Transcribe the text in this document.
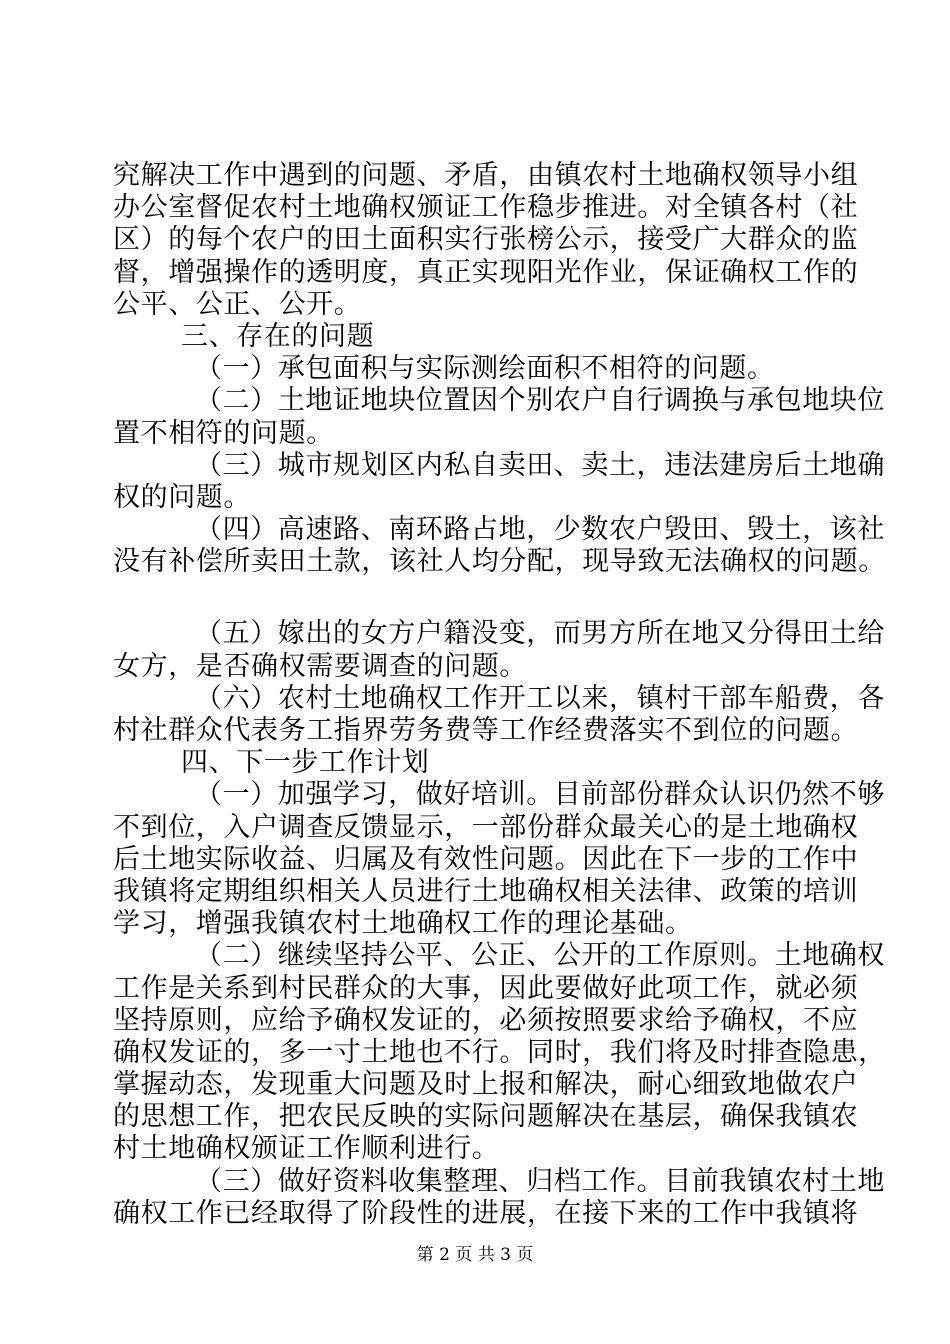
究解决工作中遇到的问题、矛盾，由镇农村土地确权领导小组
办公室督促农村土地确权颁证工作稳步推进。对全镇各村（社
区）的每个农户的田土面积实行张榜公示，接受广大群众的监
督，增强操作的透明度，真正实现阳光作业，保证确权工作的
公平、公正、公开。
三、存在的问题
（一）承包面积与实际测绘面积不相符的问题。
（二）土地证地块位置因个别农户自行调换与承包地块位
置不相符的问题。
（三）城市规划区内私自卖田、卖土，违法建房后土地确
权的问题。
（四）高速路、南环路占地，少数农户毁田、毁土，该社
没有补偿所卖田土款，该社人均分配，现导致无法确权的问题。
（五）嫁出的女方户籍没变，而男方所在地又分得田土给
女方，是否确权需要调查的问题。
（六）农村土地确权工作开工以来，镇村干部车船费，各
村社群众代表务工指界劳务费等工作经费落实不到位的问题。
四、下一步工作计划
（一）加强学习，做好培训。目前部份群众认识仍然不够
不到位，入户调查反馈显示，一部份群众最关心的是土地确权
后土地实际收益、归属及有效性问题。因此在下一步的工作中
我镇将定期组织相关人员进行土地确权相关法律、政策的培训
学习，增强我镇农村土地确权工作的理论基础。
（二）继续坚持公平、公正、公开的工作原则。土地确权
工作是关系到村民群众的大事，因此要做好此项工作，就必须
坚持原则，应给予确权发证的，必须按照要求给予确权，不应
确权发证的，多一寸土地也不行。同时，我们将及时排查隐患，
掌握动态，发现重大问题及时上报和解决，耐心细致地做农户
的思想工作，把农民反映的实际问题解决在基层，确保我镇农
村土地确权颁证工作顺利进行。
（三）做好资料收集整理、归档工作。目前我镇农村土地
确权工作已经取得了阶段性的进展，在接下来的工作中我镇将
第 2 页 共 3 页
